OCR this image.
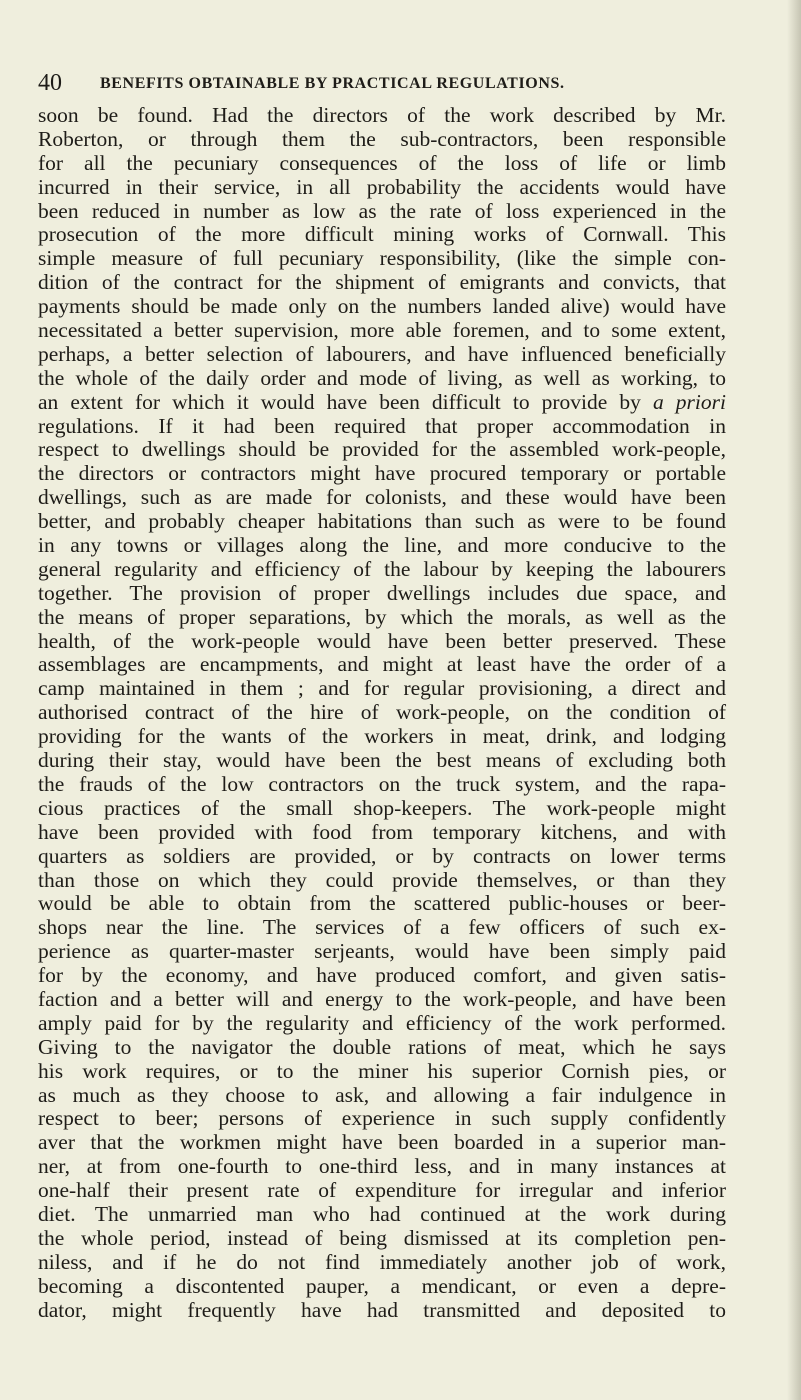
40 BENEFITS OBTAINABLE BY PRACTICAL REGULATIONS.
soon be found. Had the directors of the work described by Mr.
Roberton, or through them the sub-contractors, been responsible
for all the pecuniary consequences of the loss of life or limb
incurred in their service, in all probability the accidents would have
been reduced in number as low as the rate of loss experienced in the
prosecution of the more difficult mining works of Cornwall. This
simple measure of full pecuniary responsibility, (like the simple con-
dition of the contract for the shipment of emigrants and convicts, that
payments should be made only on the numbers landed alive) would have
necessitated a better supervision, more able foremen, and to some extent,
perhaps, a better selection of labourers, and have influenced beneficially
the whole of the daily order and mode of living, as well as working, to
an extent for which it would have been difficult to provide by a priori
regulations. If it had been required that proper accommodation in
respect to dwellings should be provided for the assembled work-people,
the directors or contractors might have procured temporary or portable
dwellings, such as are made for colonists, and these would have been
better, and probably cheaper habitations than such as were to be found
in any towns or villages along the line, and more conducive to the
general regularity and efficiency of the labour by keeping the labourers
together. The provision of proper dwellings includes due space, and
the means of proper separations, by which the morals, as well as the
health, of the work-people would have been better preserved. These
assemblages are encampments, and might at least have the order of a
camp maintained in them ; and for regular provisioning, a direct and
authorised contract of the hire of work-people, on the condition of
providing for the wants of the workers in meat, drink, and lodging
during their stay, would have been the best means of excluding both
the frauds of the low contractors on the truck system, and the rapa-
cious practices of the small shop-keepers. The work-people might
have been provided with food from temporary kitchens, and with
quarters as soldiers are provided, or by contracts on lower terms
than those on which they could provide themselves, or than they
would be able to obtain from the scattered public-houses or beer-
shops near the line. The services of a few officers of such ex-
perience as quarter-master serjeants, would have been simply paid
for by the economy, and have produced comfort, and given satis-
faction and a better will and energy to the work-people, and have been
amply paid for by the regularity and efficiency of the work performed.
Giving to the navigator the double rations of meat, which he says
his work requires, or to the miner his superior Cornish pies, or
as much as they choose to ask, and allowing a fair indulgence in
respect to beer; persons of experience in such supply confidently
aver that the workmen might have been boarded in a superior man-
ner, at from one-fourth to one-third less, and in many instances at
one-half their present rate of expenditure for irregular and inferior
diet. The unmarried man who had continued at the work during
the whole period, instead of being dismissed at its completion pen-
niless, and if he do not find immediately another job of work,
becoming a discontented pauper, a mendicant, or even a depre-
dator, might frequently have had transmitted and deposited to
